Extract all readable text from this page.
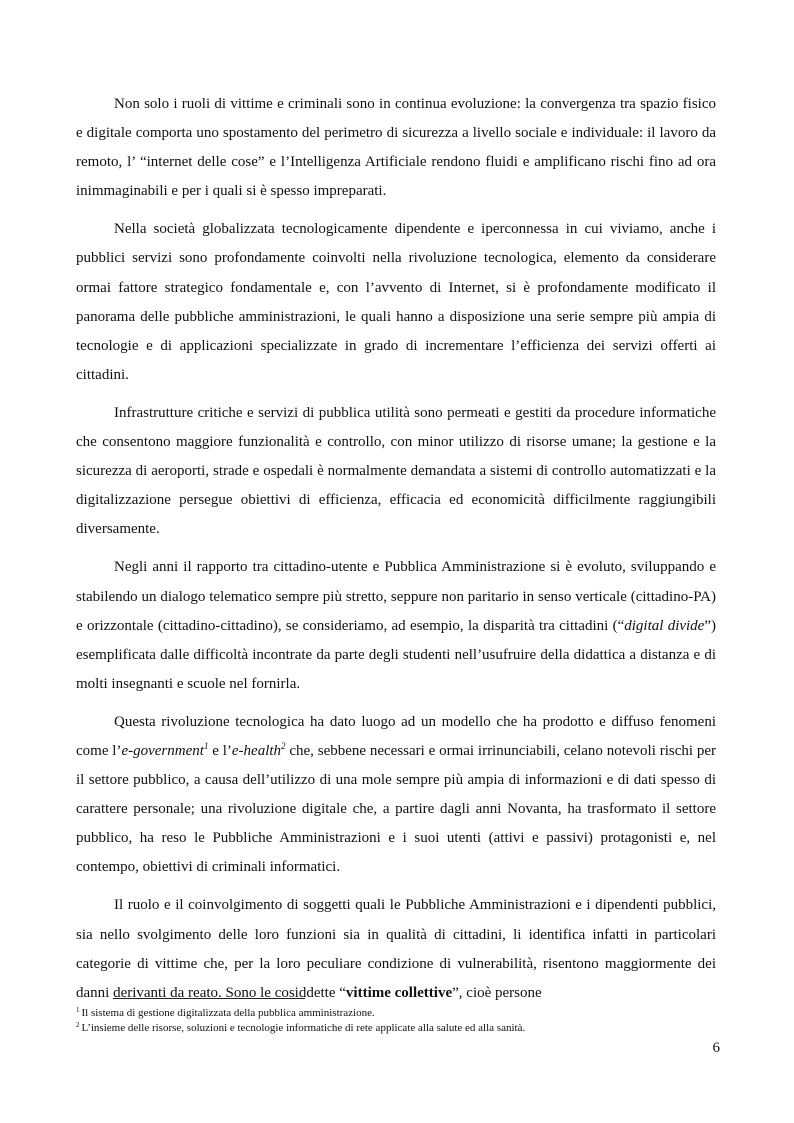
Non solo i ruoli di vittime e criminali sono in continua evoluzione: la convergenza tra spazio fisico e digitale comporta uno spostamento del perimetro di sicurezza a livello sociale e individuale: il lavoro da remoto, l’ “internet delle cose” e l’Intelligenza Artificiale rendono fluidi e amplificano rischi fino ad ora inimmaginabili e per i quali si è spesso impreparati.

Nella società globalizzata tecnologicamente dipendente e iperconnessa in cui viviamo, anche i pubblici servizi sono profondamente coinvolti nella rivoluzione tecnologica, elemento da considerare ormai fattore strategico fondamentale e, con l’avvento di Internet, si è profondamente modificato il panorama delle pubbliche amministrazioni, le quali hanno a disposizione una serie sempre più ampia di tecnologie e di applicazioni specializzate in grado di incrementare l’efficienza dei servizi offerti ai cittadini.

Infrastrutture critiche e servizi di pubblica utilità sono permeati e gestiti da procedure informatiche che consentono maggiore funzionalità e controllo, con minor utilizzo di risorse umane; la gestione e la sicurezza di aeroporti, strade e ospedali è normalmente demandata a sistemi di controllo automatizzati e la digitalizzazione persegue obiettivi di efficienza, efficacia ed economicità difficilmente raggiungibili diversamente.

Negli anni il rapporto tra cittadino-utente e Pubblica Amministrazione si è evoluto, sviluppando e stabilendo un dialogo telematico sempre più stretto, seppure non paritario in senso verticale (cittadino-PA) e orizzontale (cittadino-cittadino), se consideriamo, ad esempio, la disparità tra cittadini (“digital divide”) esemplificata dalle difficoltà incontrate da parte degli studenti nell’usufruire della didattica a distanza e di molti insegnanti e scuole nel fornirla.

Questa rivoluzione tecnologica ha dato luogo ad un modello che ha prodotto e diffuso fenomeni come l’e-government$^1$ e l’e-health$^2$ che, sebbene necessari e ormai irrinunciabili, celano notevoli rischi per il settore pubblico, a causa dell’utilizzo di una mole sempre più ampia di informazioni e di dati spesso di carattere personale; una rivoluzione digitale che, a partire dagli anni Novanta, ha trasformato il settore pubblico, ha reso le Pubbliche Amministrazioni e i suoi utenti (attivi e passivi) protagonisti e, nel contempo, obiettivi di criminali informatici.

Il ruolo e il coinvolgimento di soggetti quali le Pubbliche Amministrazioni e i dipendenti pubblici, sia nello svolgimento delle loro funzioni sia in qualità di cittadini, li identifica infatti in particolari categorie di vittime che, per la loro peculiare condizione di vulnerabilità, risentono maggiormente dei danni derivanti da reato. Sono le cosiddette “vittime collettive”, cioè persone

$^1$ Il sistema di gestione digitalizzata della pubblica amministrazione.

$^2$ L’insieme delle risorse, soluzioni e tecnologie informatiche di rete applicate alla salute ed alla sanità.

6
